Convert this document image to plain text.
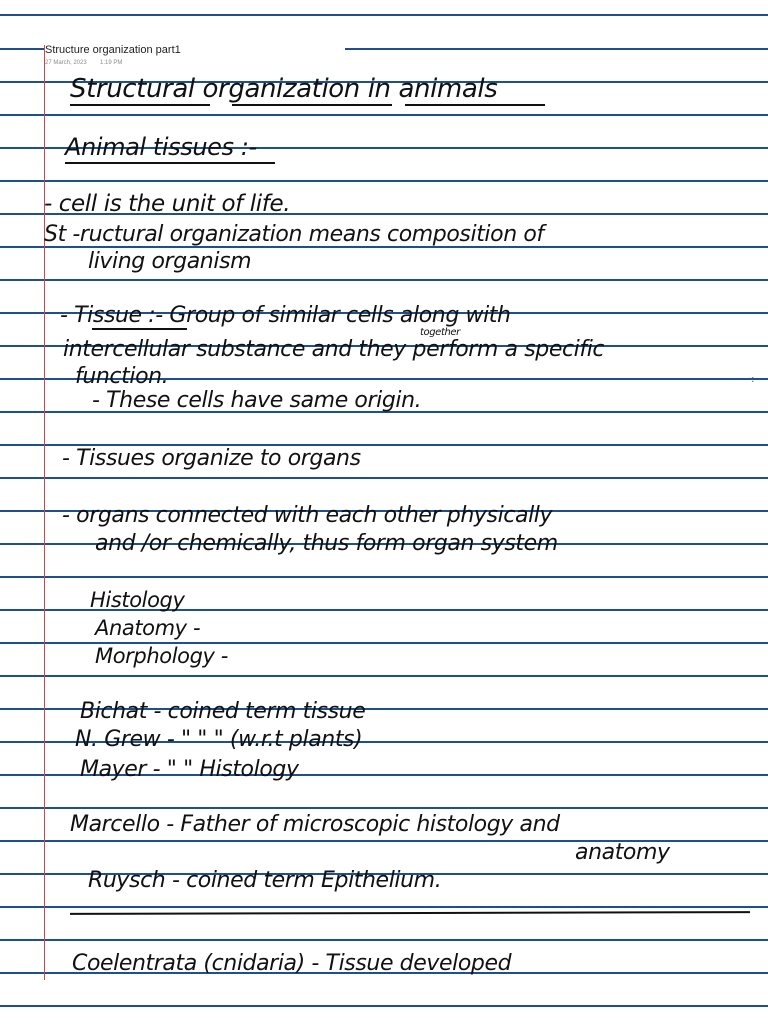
Structure organization part1
27 March, 2023 1:19 PM
Structural organization in animals
Animal tissues :-
- cell is the unit of life.
St -ructural organization means composition of
living organism
- Tissue :- Group of similar cells along with
together
intercellular substance and they perform a specific
function.
- These cells have same origin.
- Tissues organize to organs
- organs connected with each other physically
and /or chemically, thus form organ system
Histology
Anatomy -
Morphology -
Bichat - coined term tissue
N. Grew - " " " (w.r.t plants)
Mayer - " " Histology
Marcello - Father of microscopic histology and
anatomy
Ruysch - coined term Epithelium.
Coelentrata (cnidaria) - Tissue developed
·:
